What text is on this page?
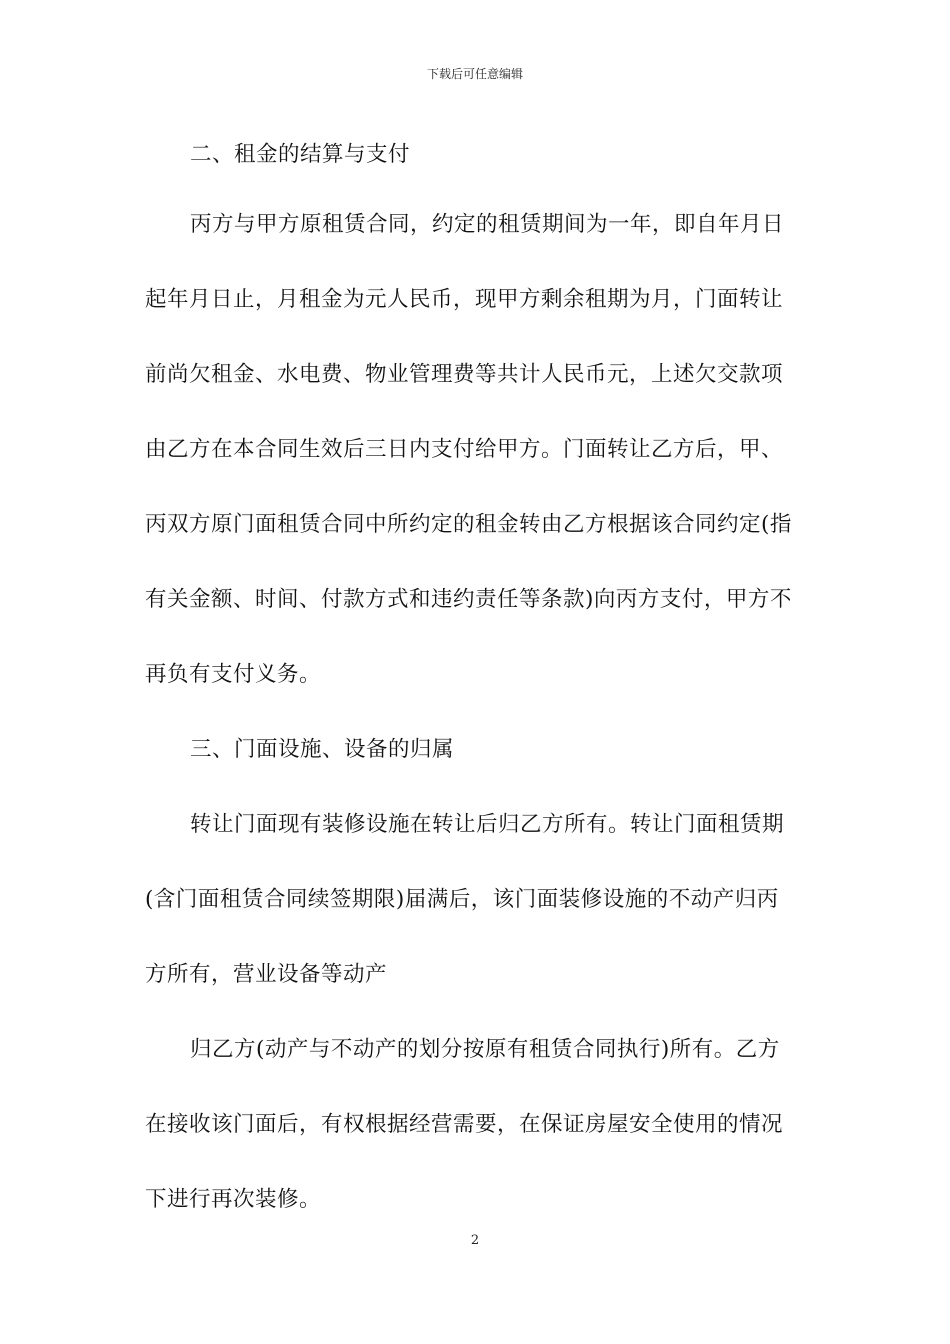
下载后可任意编辑
二、租金的结算与支付
丙方与甲方原租赁合同，约定的租赁期间为一年，即自年月日
起年月日止，月租金为元人民币，现甲方剩余租期为月，门面转让
前尚欠租金、水电费、物业管理费等共计人民币元，上述欠交款项
由乙方在本合同生效后三日内支付给甲方。门面转让乙方后，甲、
丙双方原门面租赁合同中所约定的租金转由乙方根据该合同约定(指
有关金额、时间、付款方式和违约责任等条款)向丙方支付，甲方不
再负有支付义务。
三、门面设施、设备的归属
转让门面现有装修设施在转让后归乙方所有。转让门面租赁期
(含门面租赁合同续签期限)届满后，该门面装修设施的不动产归丙
方所有，营业设备等动产
归乙方(动产与不动产的划分按原有租赁合同执行)所有。乙方
在接收该门面后，有权根据经营需要，在保证房屋安全使用的情况
下进行再次装修。
2
